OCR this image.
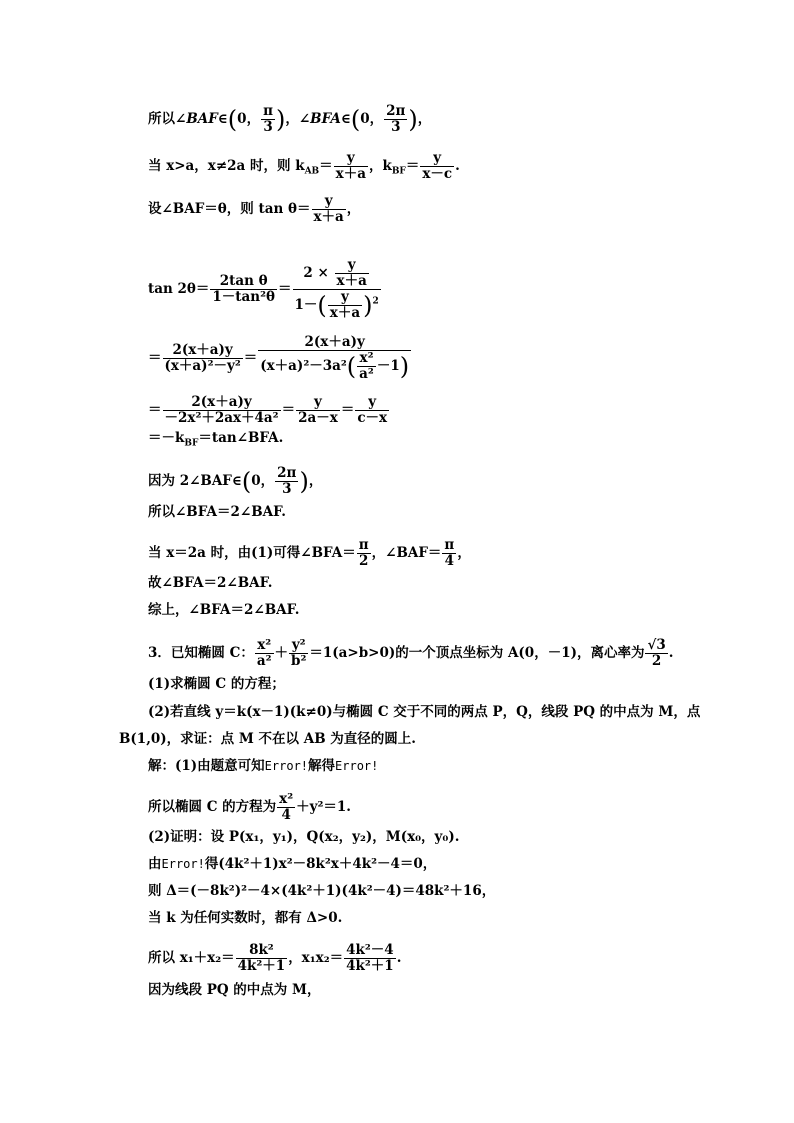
所以∠BAF∈(0， $\frac{\pi}{3}$ )，∠BFA∈(0， $\frac{2\pi}{3}$ )，
当 x>a，x≠2a 时，则 $k_{AB}= \frac{y}{x+a}$ ，$k_{BF}= \frac{y}{x-c}$ .
设∠BAF＝θ，则 $\tan \theta= \frac{y}{x+a}$ ，
$\tan 2\theta= \frac{\text{2tan θ}}{\text{1－tan²θ}} = \frac{2 \times \frac{y}{x+a}}{1-( \frac{y}{x+a} )^2}$
＝ $\frac{2(x+a)y}{\text{(x＋a)²－y²}} = \frac{2(x+a)y}{(x+a)^2-3a^2( \frac{\text{x²}}{\text{a²}} -1)}$
＝ $\frac{2(x+a)y}{\text{－2x²＋2ax＋4a²}} = \frac{y}{2a-x} = \frac{y}{c-x}$
$=-k_{BF}=\tan\angle BFA$.
因为 2∠BAF∈(0， $\frac{2\pi}{3}$ )，
所以∠BFA＝2∠BAF.
当 x＝2a 时，由(1)可得∠BFA＝ $\frac{\pi}{2}$ ，∠BAF＝ $\frac{\pi}{4}$ ，
故∠BFA＝2∠BAF.
综上，∠BFA＝2∠BAF.
3．已知椭圆 C： $\frac{\text{x²}}{\text{a²}} + \frac{\text{y²}}{\text{b²}} =1(a>b>0)$的一个顶点坐标为 A(0，－1)，离心率为 $\frac{√3}{2}$ .
(1)求椭圆 C 的方程；
(2)若直线 y＝k(x－1)(k≠0)与椭圆 C 交于不同的两点 P，Q，线段 PQ 的中点为 M，点
B(1,0)，求证：点 M 不在以 AB 为直径的圆上.
解：(1)由题意可知Error!解得Error!
所以椭圆 C 的方程为 $\frac{\text{x²}}{4} +y^2=1$.
(2)证明：设 P(x₁，y₁)，Q(x₂，y₂)，M(x₀，y₀).
由Error!得(4k²＋1)x²－8k²x＋4k²－4＝0，
则 Δ＝(－8k²)²－4×(4k²＋1)(4k²－4)＝48k²＋16，
当 k 为任何实数时，都有 Δ>0.
所以 $x_1+x_2= \frac{\text{8k²}}{\text{4k²＋1}}$ ，$x_1x_2= \frac{\text{4k²－4}}{\text{4k²＋1}}$ .
因为线段 PQ 的中点为 M，
